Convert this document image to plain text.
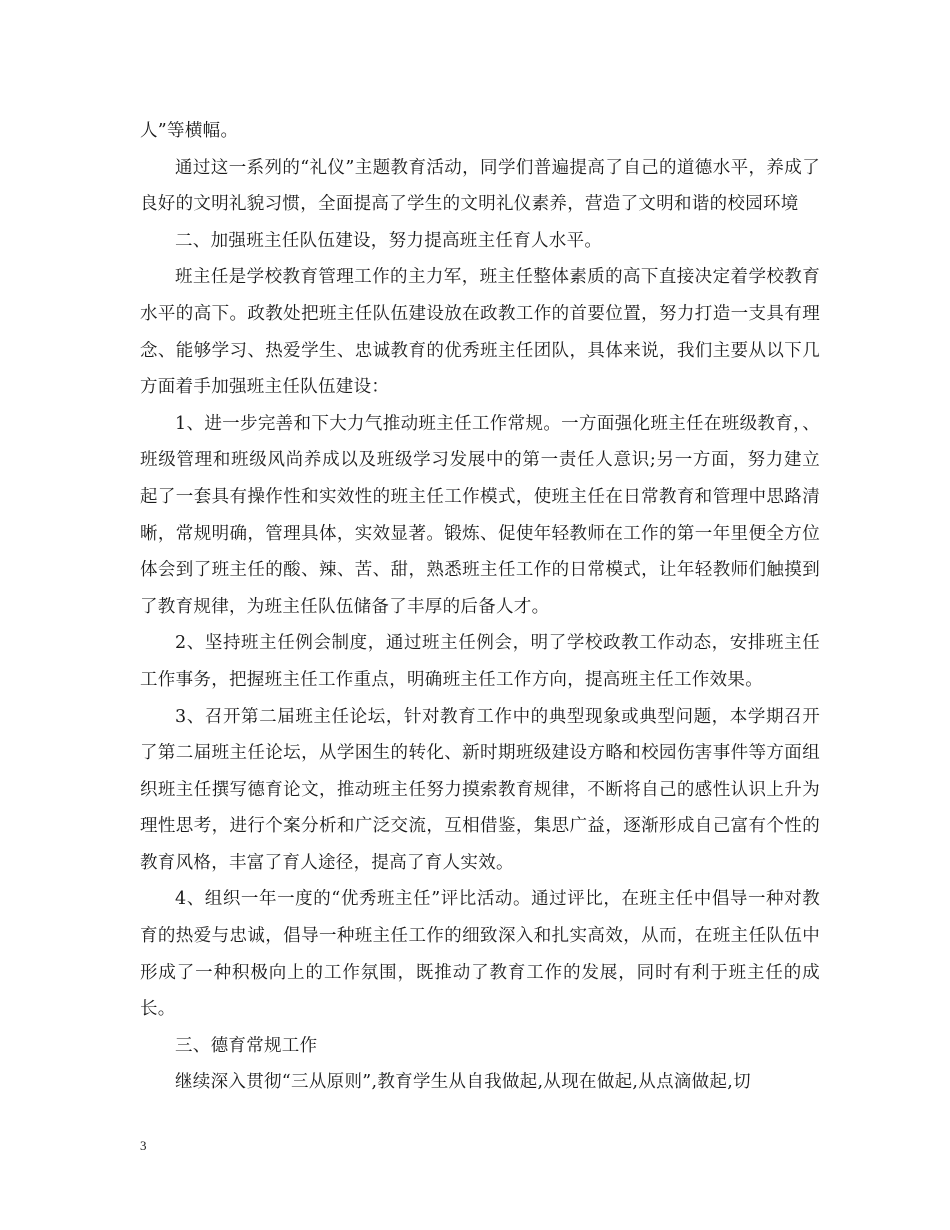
人”等横幅。

通过这一系列的“礼仪”主题教育活动，同学们普遍提高了自己的道德水平，养成了良好的文明礼貌习惯，全面提高了学生的文明礼仪素养，营造了文明和谐的校园环境

二、加强班主任队伍建设，努力提高班主任育人水平。

班主任是学校教育管理工作的主力军，班主任整体素质的高下直接决定着学校教育水平的高下。政教处把班主任队伍建设放在政教工作的首要位置，努力打造一支具有理念、能够学习、热爱学生、忠诚教育的优秀班主任团队，具体来说，我们主要从以下几方面着手加强班主任队伍建设：

1、进一步完善和下大力气推动班主任工作常规。一方面强化班主任在班级教育，、班级管理和班级风尚养成以及班级学习发展中的第一责任人意识;另一方面，努力建立起了一套具有操作性和实效性的班主任工作模式，使班主任在日常教育和管理中思路清晰，常规明确，管理具体，实效显著。锻炼、促使年轻教师在工作的第一年里便全方位体会到了班主任的酸、辣、苦、甜，熟悉班主任工作的日常模式，让年轻教师们触摸到了教育规律，为班主任队伍储备了丰厚的后备人才。

2、坚持班主任例会制度，通过班主任例会，明了学校政教工作动态，安排班主任工作事务，把握班主任工作重点，明确班主任工作方向，提高班主任工作效果。

3、召开第二届班主任论坛，针对教育工作中的典型现象或典型问题，本学期召开了第二届班主任论坛，从学困生的转化、新时期班级建设方略和校园伤害事件等方面组织班主任撰写德育论文，推动班主任努力摸索教育规律，不断将自己的感性认识上升为理性思考，进行个案分析和广泛交流，互相借鉴，集思广益，逐渐形成自己富有个性的教育风格，丰富了育人途径，提高了育人实效。

4、组织一年一度的“优秀班主任”评比活动。通过评比，在班主任中倡导一种对教育的热爱与忠诚，倡导一种班主任工作的细致深入和扎实高效，从而，在班主任队伍中形成了一种积极向上的工作氛围，既推动了教育工作的发展，同时有利于班主任的成长。

三、德育常规工作

继续深入贯彻“三从原则”,教育学生从自我做起,从现在做起,从点滴做起,切

3
